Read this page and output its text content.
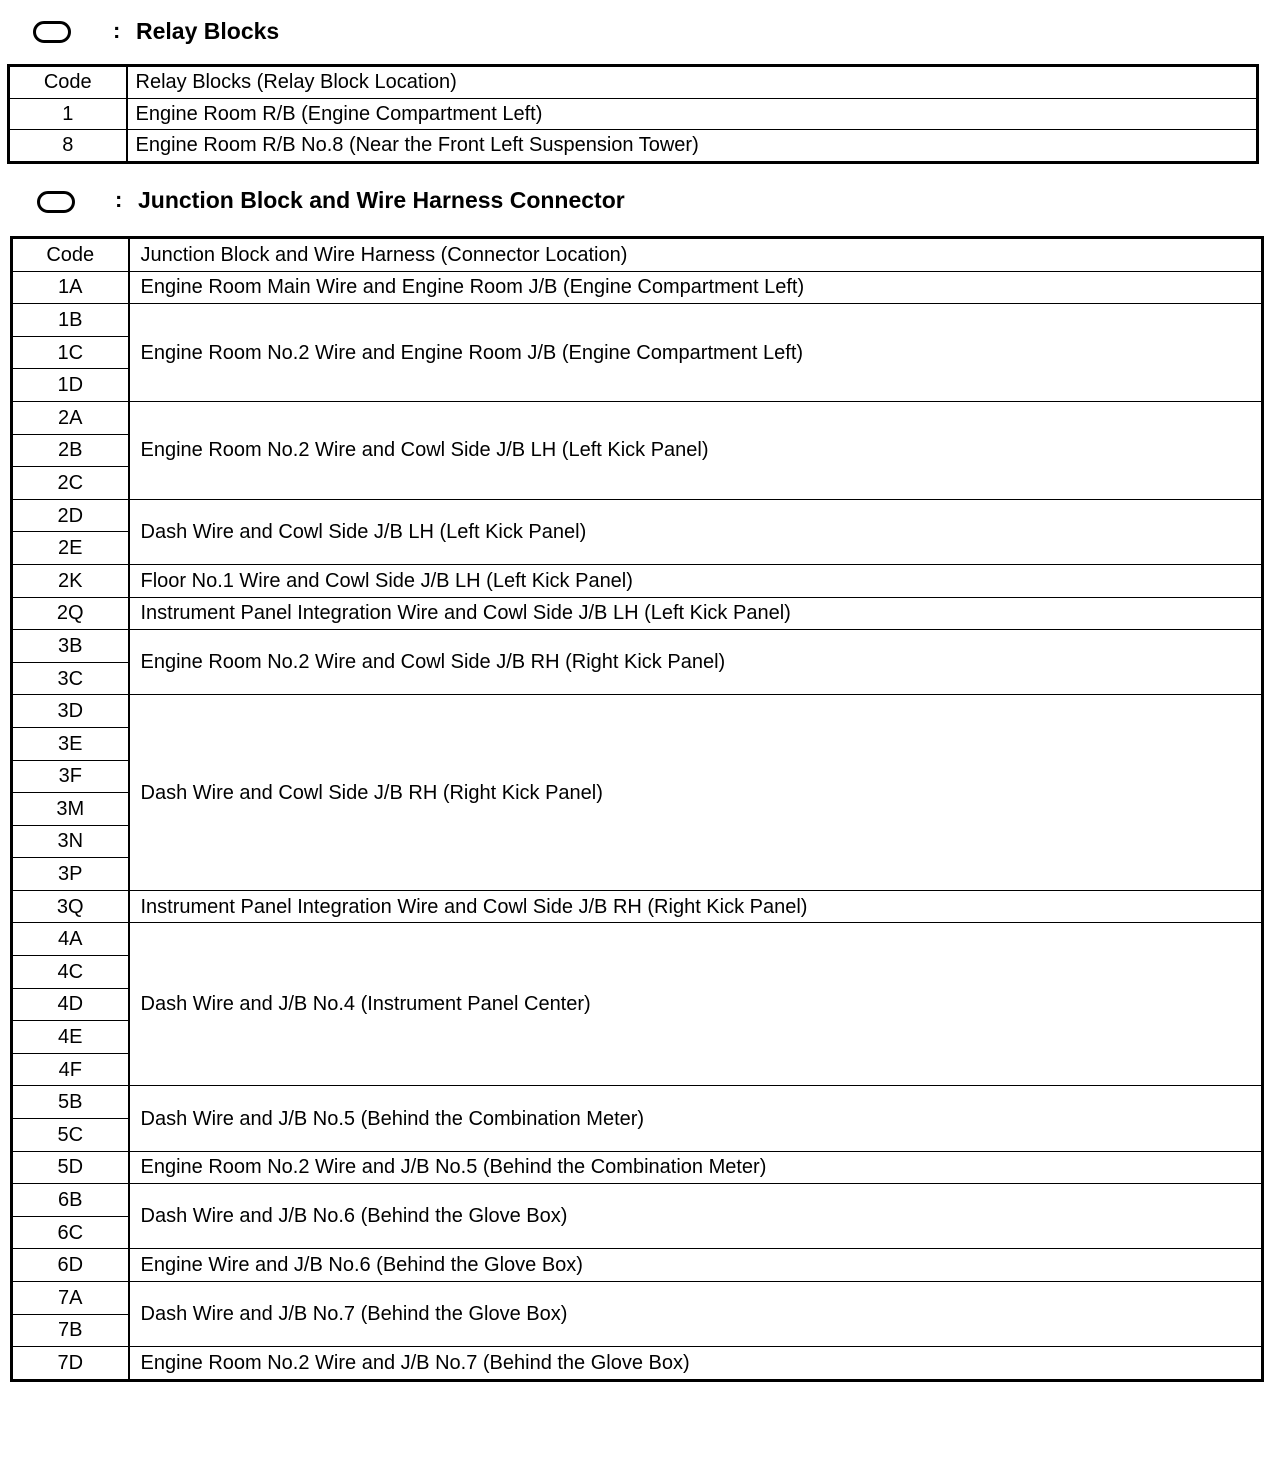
: Relay Blocks
Code	Relay Blocks (Relay Block Location)
1	Engine Room R/B (Engine Compartment Left)
8	Engine Room R/B No.8 (Near the Front Left Suspension Tower)
: Junction Block and Wire Harness Connector
Code	Junction Block and Wire Harness (Connector Location)
1A	Engine Room Main Wire and Engine Room J/B (Engine Compartment Left)
1B	Engine Room No.2 Wire and Engine Room J/B (Engine Compartment Left)
1C	
1D	
2A	Engine Room No.2 Wire and Cowl Side J/B LH (Left Kick Panel)
2B	
2C	
2D	Dash Wire and Cowl Side J/B LH (Left Kick Panel)
2E	
2K	Floor No.1 Wire and Cowl Side J/B LH (Left Kick Panel)
2Q	Instrument Panel Integration Wire and Cowl Side J/B LH (Left Kick Panel)
3B	Engine Room No.2 Wire and Cowl Side J/B RH (Right Kick Panel)
3C	
3D	Dash Wire and Cowl Side J/B RH (Right Kick Panel)
3E	
3F	
3M	
3N	
3P	
3Q	Instrument Panel Integration Wire and Cowl Side J/B RH (Right Kick Panel)
4A	Dash Wire and J/B No.4 (Instrument Panel Center)
4C	
4D	
4E	
4F	
5B	Dash Wire and J/B No.5 (Behind the Combination Meter)
5C	
5D	Engine Room No.2 Wire and J/B No.5 (Behind the Combination Meter)
6B	Dash Wire and J/B No.6 (Behind the Glove Box)
6C	
6D	Engine Wire and J/B No.6 (Behind the Glove Box)
7A	Dash Wire and J/B No.7 (Behind the Glove Box)
7B	
7D	Engine Room No.2 Wire and J/B No.7 (Behind the Glove Box)
